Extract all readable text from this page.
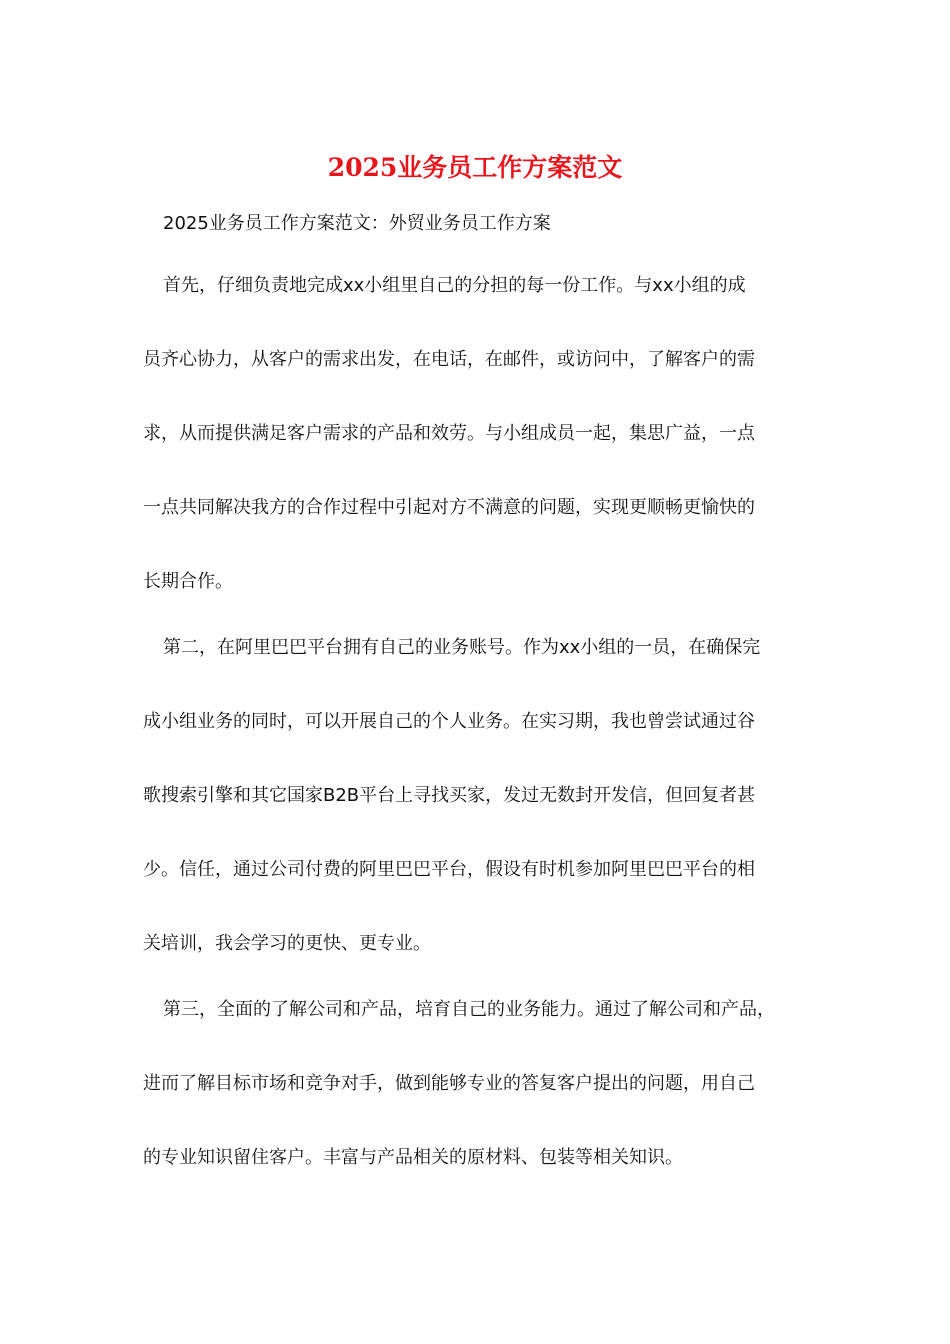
2025业务员工作方案范文

2025业务员工作方案范文：外贸业务员工作方案

首先，仔细负责地完成xx小组里自己的分担的每一份工作。与xx小组的成
员齐心协力，从客户的需求出发，在电话，在邮件，或访问中，了解客户的需
求，从而提供满足客户需求的产品和效劳。与小组成员一起，集思广益，一点
一点共同解决我方的合作过程中引起对方不满意的问题，实现更顺畅更愉快的
长期合作。
第二，在阿里巴巴平台拥有自己的业务账号。作为xx小组的一员，在确保完
成小组业务的同时，可以开展自己的个人业务。在实习期，我也曾尝试通过谷
歌搜索引擎和其它国家B2B平台上寻找买家，发过无数封开发信，但回复者甚
少。信任，通过公司付费的阿里巴巴平台，假设有时机参加阿里巴巴平台的相
关培训，我会学习的更快、更专业。
第三，全面的了解公司和产品，培育自己的业务能力。通过了解公司和产品，
进而了解目标市场和竞争对手，做到能够专业的答复客户提出的问题，用自己
的专业知识留住客户。丰富与产品相关的原材料、包装等相关知识。
